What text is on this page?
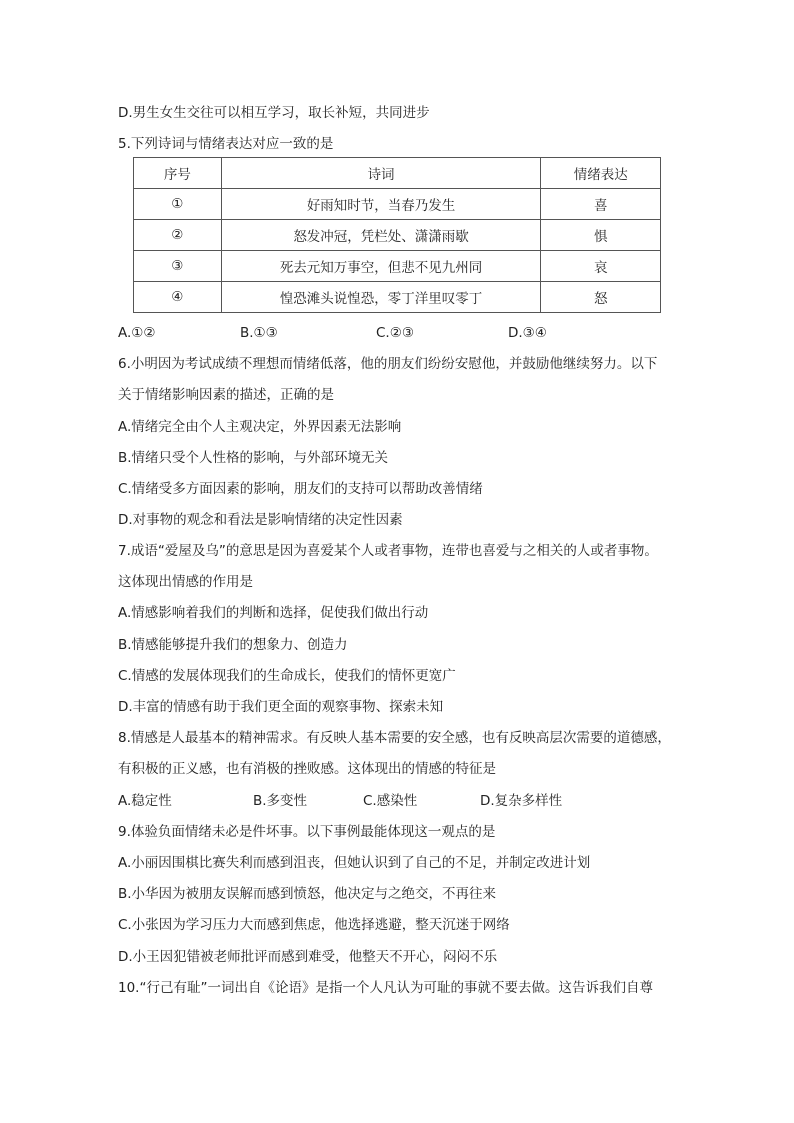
D.男生女生交往可以相互学习，取长补短，共同进步
5.下列诗词与情绪表达对应一致的是
序号	诗词	情绪表达
①	好雨知时节，当春乃发生	喜
②	怒发冲冠，凭栏处、潇潇雨歇	惧
③	死去元知万事空，但悲不见九州同	哀
④	惶恐滩头说惶恐，零丁洋里叹零丁	怒
A.①②	B.①③	C.②③	D.③④
6.小明因为考试成绩不理想而情绪低落，他的朋友们纷纷安慰他，并鼓励他继续努力。以下
关于情绪影响因素的描述，正确的是
A.情绪完全由个人主观决定，外界因素无法影响
B.情绪只受个人性格的影响，与外部环境无关
C.情绪受多方面因素的影响，朋友们的支持可以帮助改善情绪
D.对事物的观念和看法是影响情绪的决定性因素
7.成语“爱屋及乌”的意思是因为喜爱某个人或者事物，连带也喜爱与之相关的人或者事物。
这体现出情感的作用是
A.情感影响着我们的判断和选择，促使我们做出行动
B.情感能够提升我们的想象力、创造力
C.情感的发展体现我们的生命成长，使我们的情怀更宽广
D.丰富的情感有助于我们更全面的观察事物、探索未知
8.情感是人最基本的精神需求。有反映人基本需要的安全感，也有反映高层次需要的道德感，
有积极的正义感，也有消极的挫败感。这体现出的情感的特征是
A.稳定性	B.多变性	C.感染性	D.复杂多样性
9.体验负面情绪未必是件坏事。以下事例最能体现这一观点的是
A.小丽因围棋比赛失利而感到沮丧，但她认识到了自己的不足，并制定改进计划
B.小华因为被朋友误解而感到愤怒，他决定与之绝交，不再往来
C.小张因为学习压力大而感到焦虑，他选择逃避，整天沉迷于网络
D.小王因犯错被老师批评而感到难受，他整天不开心，闷闷不乐
10.“行己有耻”一词出自《论语》是指一个人凡认为可耻的事就不要去做。这告诉我们自尊
